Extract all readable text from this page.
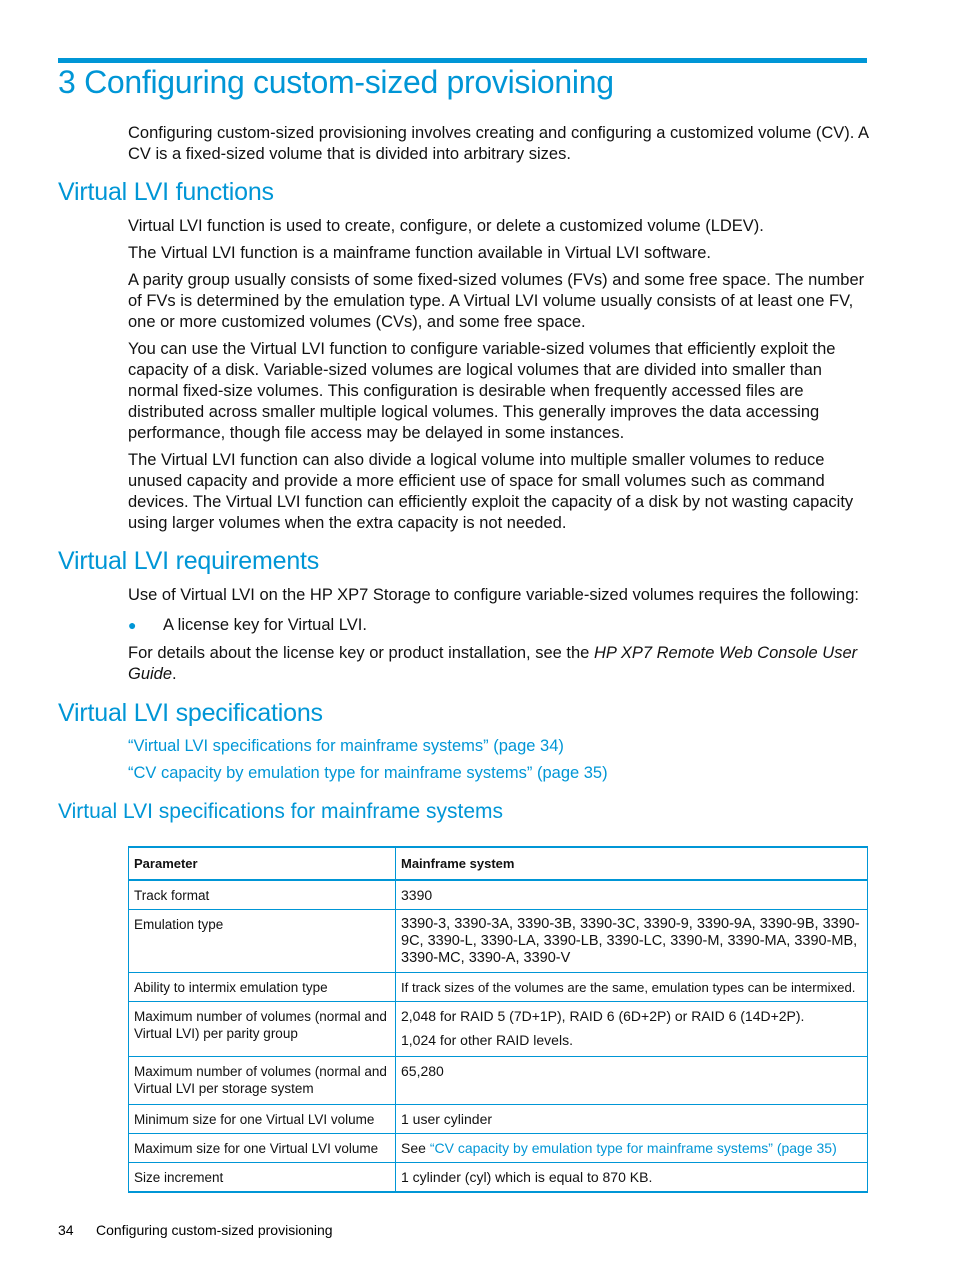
3 Configuring custom-sized provisioning

Configuring custom-sized provisioning involves creating and configuring a customized volume (CV). A CV is a fixed-sized volume that is divided into arbitrary sizes.

Virtual LVI functions

Virtual LVI function is used to create, configure, or delete a customized volume (LDEV).

The Virtual LVI function is a mainframe function available in Virtual LVI software.

A parity group usually consists of some fixed-sized volumes (FVs) and some free space. The number of FVs is determined by the emulation type. A Virtual LVI volume usually consists of at least one FV, one or more customized volumes (CVs), and some free space.

You can use the Virtual LVI function to configure variable-sized volumes that efficiently exploit the capacity of a disk. Variable-sized volumes are logical volumes that are divided into smaller than normal fixed-size volumes. This configuration is desirable when frequently accessed files are distributed across smaller multiple logical volumes. This generally improves the data accessing performance, though file access may be delayed in some instances.

The Virtual LVI function can also divide a logical volume into multiple smaller volumes to reduce unused capacity and provide a more efficient use of space for small volumes such as command devices. The Virtual LVI function can efficiently exploit the capacity of a disk by not wasting capacity using larger volumes when the extra capacity is not needed.

Virtual LVI requirements

Use of Virtual LVI on the HP XP7 Storage to configure variable-sized volumes requires the following:

● A license key for Virtual LVI.

For details about the license key or product installation, see the HP XP7 Remote Web Console User Guide.

Virtual LVI specifications

“Virtual LVI specifications for mainframe systems” (page 34)

“CV capacity by emulation type for mainframe systems” (page 35)

Virtual LVI specifications for mainframe systems
Parameter	Mainframe system
Track format	3390
Emulation type	3390-3, 3390-3A, 3390-3B, 3390-3C, 3390-9, 3390-9A, 3390-9B, 3390-9C, 3390-L, 3390-LA, 3390-LB, 3390-LC, 3390-M, 3390-MA, 3390-MB, 3390-MC, 3390-A, 3390-V
Ability to intermix emulation type	If track sizes of the volumes are the same, emulation types can be intermixed.
Maximum number of volumes (normal and Virtual LVI) per parity group	2,048 for RAID 5 (7D+1P), RAID 6 (6D+2P) or RAID 6 (14D+2P).

1,024 for other RAID levels.

Maximum number of volumes (normal and Virtual LVI per storage system	65,280
Minimum size for one Virtual LVI volume	1 user cylinder
Maximum size for one Virtual LVI volume	See “CV capacity by emulation type for mainframe systems” (page 35)
Size increment	1 cylinder (cyl) which is equal to 870 KB.
34 Configuring custom-sized provisioning
